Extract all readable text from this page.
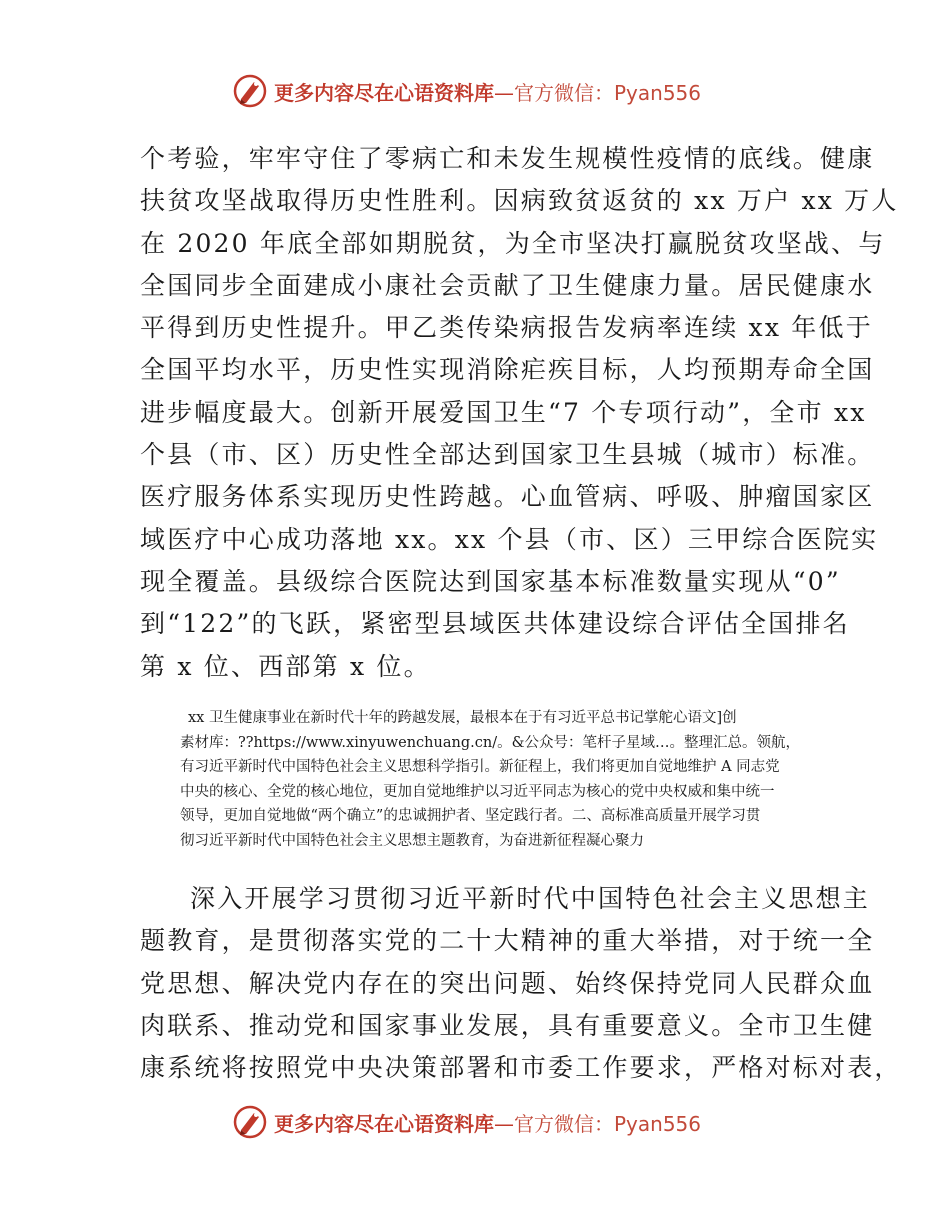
更多内容尽在心语资料库—官方微信：Pyan556
个考验，牢牢守住了零病亡和未发生规模性疫情的底线。健康
扶贫攻坚战取得历史性胜利。因病致贫返贫的 xx 万户 xx 万人
在 2020 年底全部如期脱贫，为全市坚决打赢脱贫攻坚战、与
全国同步全面建成小康社会贡献了卫生健康力量。居民健康水
平得到历史性提升。甲乙类传染病报告发病率连续 xx 年低于
全国平均水平，历史性实现消除疟疾目标，人均预期寿命全国
进步幅度最大。创新开展爱国卫生“7 个专项行动”，全市 xx
个县（市、区）历史性全部达到国家卫生县城（城市）标准。
医疗服务体系实现历史性跨越。心血管病、呼吸、肿瘤国家区
域医疗中心成功落地 xx。xx 个县（市、区）三甲综合医院实
现全覆盖。县级综合医院达到国家基本标准数量实现从“0”
到“122”的飞跃，紧密型县域医共体建设综合评估全国排名
第 x 位、西部第 x 位。
xx 卫生健康事业在新时代十年的跨越发展，最根本在于有习近平总书记掌舵心语文]创
素材库：??https://www.xinyuwenchuang.cn/。&公众号：笔杆子星域…。整理汇总。领航，
有习近平新时代中国特色社会主义思想科学指引。新征程上，我们将更加自觉地维护 A 同志党
中央的核心、全党的核心地位，更加自觉地维护以习近平同志为核心的党中央权威和集中统一
领导，更加自觉地做“两个确立”的忠诚拥护者、坚定践行者。二、高标准高质量开展学习贯
彻习近平新时代中国特色社会主义思想主题教育，为奋进新征程凝心聚力
深入开展学习贯彻习近平新时代中国特色社会主义思想主
题教育，是贯彻落实党的二十大精神的重大举措，对于统一全
党思想、解决党内存在的突出问题、始终保持党同人民群众血
肉联系、推动党和国家事业发展，具有重要意义。全市卫生健
康系统将按照党中央决策部署和市委工作要求，严格对标对表，
更多内容尽在心语资料库—官方微信：Pyan556
